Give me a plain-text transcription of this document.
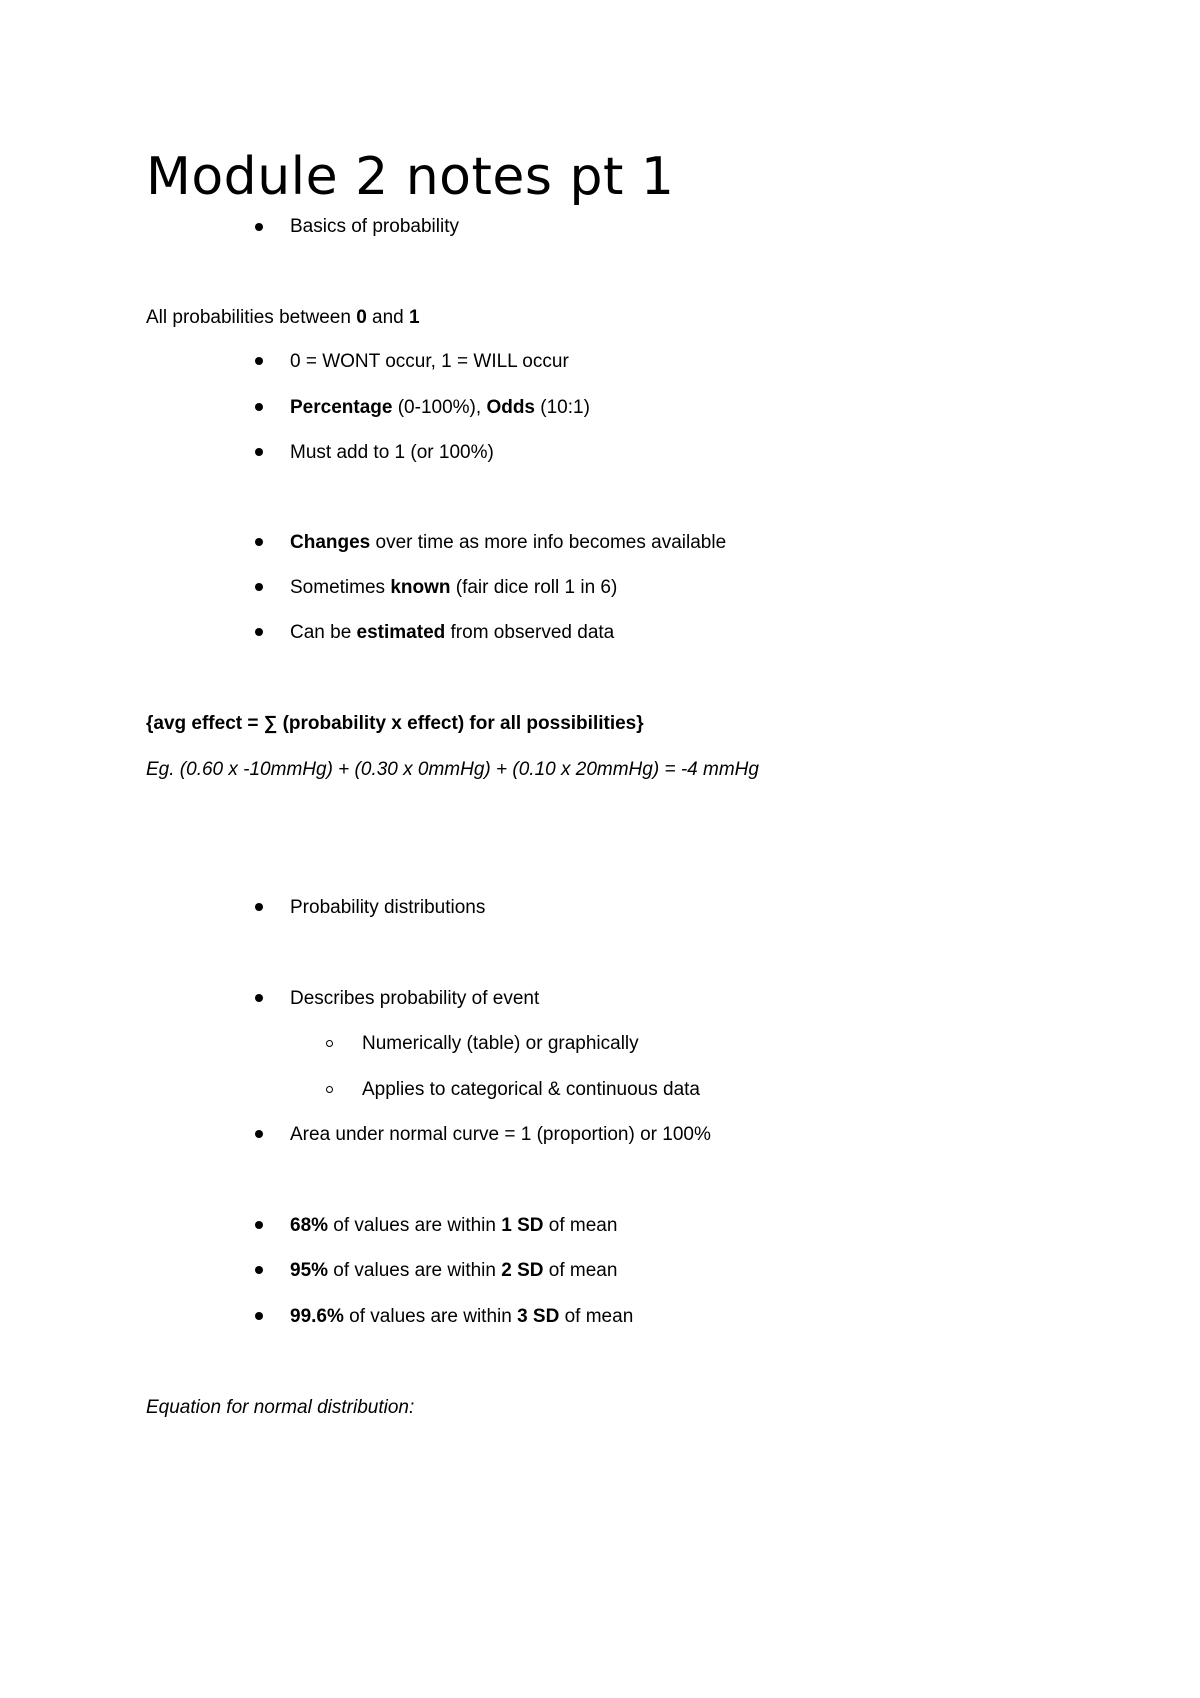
Module 2 notes pt 1
Basics of probability
All probabilities between 0 and 1
0 = WONT occur, 1 = WILL occur
Percentage (0-100%), Odds (10:1)
Must add to 1 (or 100%)
Changes over time as more info becomes available
Sometimes known (fair dice roll 1 in 6)
Can be estimated from observed data
{avg effect = ∑ (probability x effect) for all possibilities}
Eg. (0.60 x -10mmHg) + (0.30 x 0mmHg) + (0.10 x 20mmHg) = -4 mmHg
Probability distributions
Describes probability of event
Numerically (table) or graphically
Applies to categorical & continuous data
Area under normal curve = 1 (proportion) or 100%
68% of values are within 1 SD of mean
95% of values are within 2 SD of mean
99.6% of values are within 3 SD of mean
Equation for normal distribution:
